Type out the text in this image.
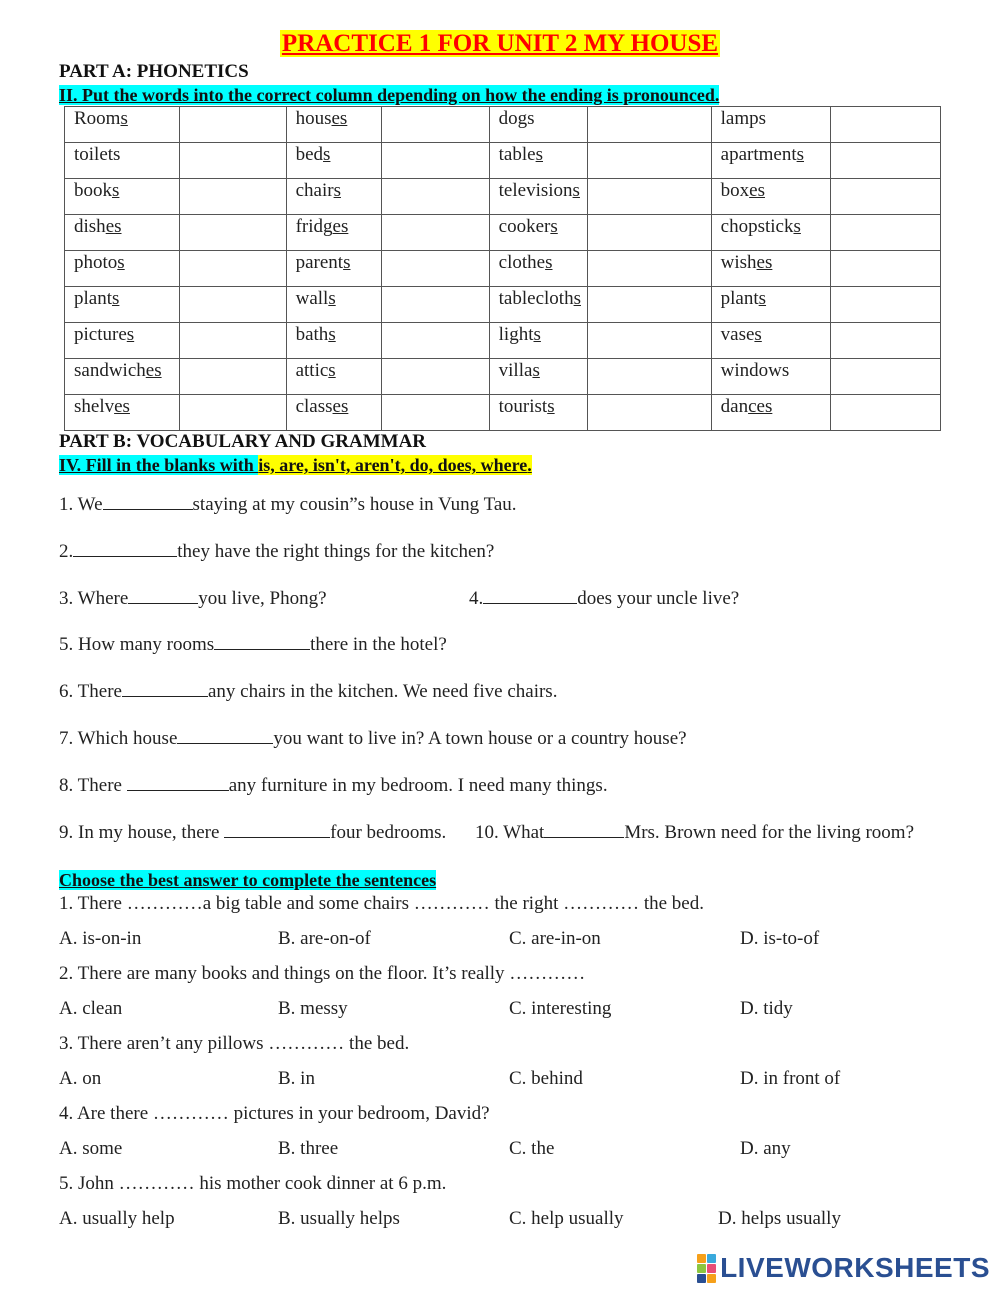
PRACTICE 1 FOR UNIT 2 MY HOUSE
PART A: PHONETICS
II. Put the words into the correct column depending on how the ending is pronounced.
Rooms		houses		dogs		lamps	
toilets		beds		tables		apartments	
books		chairs		televisions		boxes	
dishes		fridges		cookers		chopsticks	
photos		parents		clothes		wishes	
plants		walls		tablecloths		plants	
pictures		baths		lights		vases	
sandwiches		attics		villas		windows	
shelves		classes		tourists		dances	
PART B: VOCABULARY AND GRAMMAR
IV. Fill in the blanks with is, are, isn't, aren't, do, does, where.
1. We	staying at my cousin”s house in Vung Tau.
2.	they have the right things for the kitchen?
3. Where	you live, Phong?	4.	does your uncle live?
5. How many rooms	there in the hotel?
6. There	any chairs in the kitchen. We need five chairs.
7. Which house	you want to live in? A town house or a country house?
8. There	any furniture in my bedroom. I need many things.
9. In my house, there	four bedrooms. 10. What	Mrs. Brown need for the living room?
Choose the best answer to complete the sentences
1. There …………a big table and some chairs ………… the right ………… the bed.
A. is-on-in	B. are-on-of	C. are-in-on	D. is-to-of
2. There are many books and things on the floor. It’s really …………
A. clean	B. messy	C. interesting	D. tidy
3. There aren’t any pillows ………… the bed.
A. on	B. in	C. behind	D. in front of
4. Are there ………… pictures in your bedroom, David?
A. some	B. three	C. the	D. any
5. John ………… his mother cook dinner at 6 p.m.
A. usually help	B. usually helps	C. help usually	D. helps usually
LIVEWORKSHEETS
